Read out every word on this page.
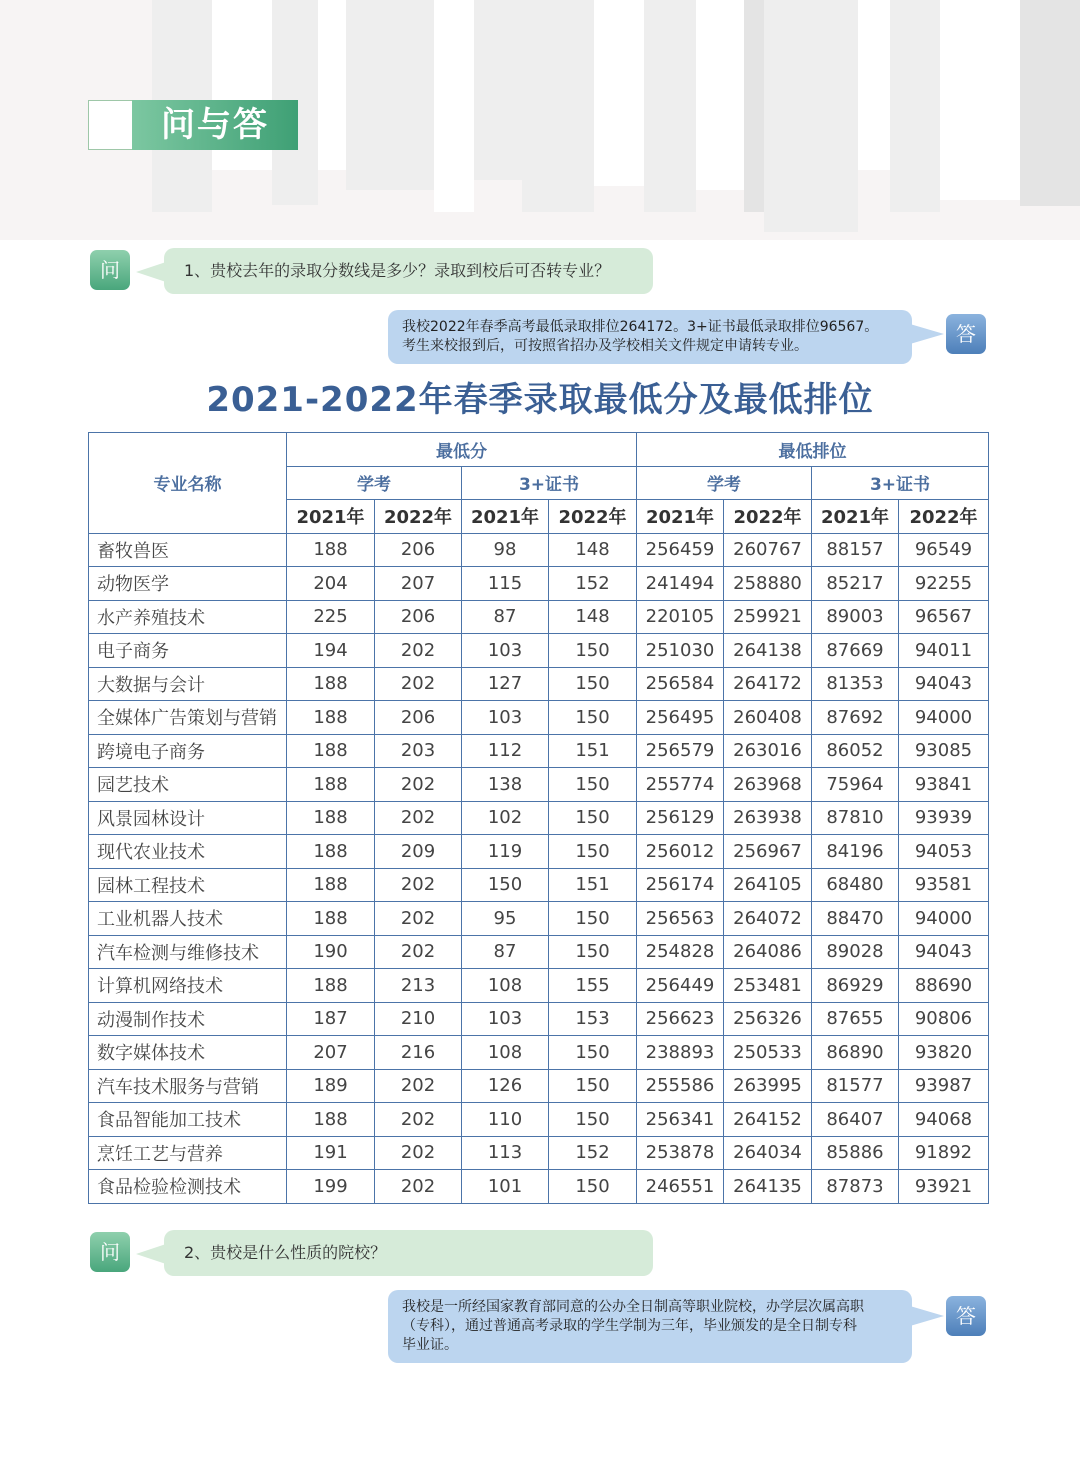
问与答
问	1、贵校去年的录取分数线是多少？录取到校后可否转专业？
我校2022年春季高考最低录取排位264172。3+证书最低录取排位96567。
考生来校报到后，可按照省招办及学校相关文件规定申请转专业。	答
2021-2022年春季录取最低分及最低排位
专业名称	最低分				最低排位			
	学考		3+证书		学考		3+证书	
	2021年	2022年	2021年	2022年	2021年	2022年	2021年	2022年
畜牧兽医	188	206	98	148	256459	260767	88157	96549
动物医学	204	207	115	152	241494	258880	85217	92255
水产养殖技术	225	206	87	148	220105	259921	89003	96567
电子商务	194	202	103	150	251030	264138	87669	94011
大数据与会计	188	202	127	150	256584	264172	81353	94043
全媒体广告策划与营销	188	206	103	150	256495	260408	87692	94000
跨境电子商务	188	203	112	151	256579	263016	86052	93085
园艺技术	188	202	138	150	255774	263968	75964	93841
风景园林设计	188	202	102	150	256129	263938	87810	93939
现代农业技术	188	209	119	150	256012	256967	84196	94053
园林工程技术	188	202	150	151	256174	264105	68480	93581
工业机器人技术	188	202	95	150	256563	264072	88470	94000
汽车检测与维修技术	190	202	87	150	254828	264086	89028	94043
计算机网络技术	188	213	108	155	256449	253481	86929	88690
动漫制作技术	187	210	103	153	256623	256326	87655	90806
数字媒体技术	207	216	108	150	238893	250533	86890	93820
汽车技术服务与营销	189	202	126	150	255586	263995	81577	93987
食品智能加工技术	188	202	110	150	256341	264152	86407	94068
烹饪工艺与营养	191	202	113	152	253878	264034	85886	91892
食品检验检测技术	199	202	101	150	246551	264135	87873	93921
问	2、贵校是什么性质的院校？
我校是一所经国家教育部同意的公办全日制高等职业院校，办学层次属高职
（专科），通过普通高考录取的学生学制为三年，毕业颁发的是全日制专科
毕业证。
答
